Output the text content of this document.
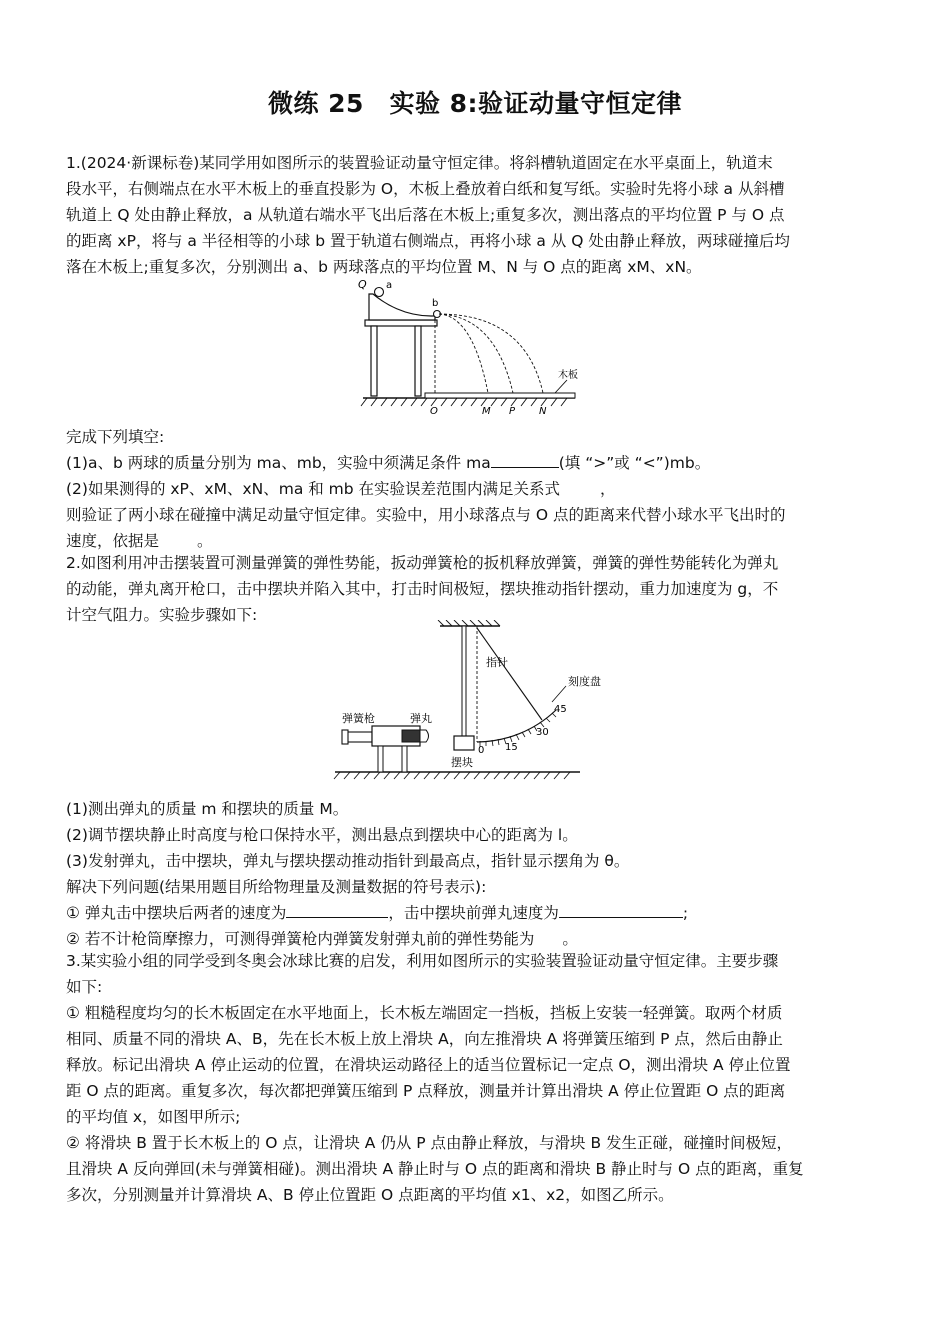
微练 25　实验 8:验证动量守恒定律
1.(2024·新课标卷)某同学用如图所示的装置验证动量守恒定律。将斜槽轨道固定在水平桌面上，轨道末
段水平，右侧端点在水平木板上的垂直投影为 O，木板上叠放着白纸和复写纸。实验时先将小球 a 从斜槽
轨道上 Q 处由静止释放，a 从轨道右端水平飞出后落在木板上;重复多次，测出落点的平均位置 P 与 O 点
的距离 xP，将与 a 半径相等的小球 b 置于轨道右侧端点，再将小球 a 从 Q 处由静止释放，两球碰撞后均
落在木板上;重复多次，分别测出 a、b 两球落点的平均位置 M、N 与 O 点的距离 xM、xN。
Q a
b
木板
O	M P N
完成下列填空:
(1)a、b 两球的质量分别为 ma、mb，实验中须满足条件 ma	(填 “>”或 “<”)mb。
(2)如果测得的 xP、xM、xN、ma 和 mb 在实验误差范围内满足关系式	，
则验证了两小球在碰撞中满足动量守恒定律。实验中，用小球落点与 O 点的距离来代替小球水平飞出时的
速度，依据是 。
2.如图利用冲击摆装置可测量弹簧的弹性势能，扳动弹簧枪的扳机释放弹簧，弹簧的弹性势能转化为弹丸
的动能，弹丸离开枪口，击中摆块并陷入其中，打击时间极短，摆块推动指针摆动，重力加速度为 g，不
计空气阻力。实验步骤如下:
指针
刻度盘
弹簧枪	弹丸
摆块
0 15
30
45
(1)测出弹丸的质量 m 和摆块的质量 M。
(2)调节摆块静止时高度与枪口保持水平，测出悬点到摆块中心的距离为 l。
(3)发射弹丸，击中摆块，弹丸与摆块摆动推动指针到最高点，指针显示摆角为 θ。
解决下列问题(结果用题目所给物理量及测量数据的符号表示):
① 弹丸击中摆块后两者的速度为	，击中摆块前弹丸速度为	;
② 若不计枪筒摩擦力，可测得弹簧枪内弹簧发射弹丸前的弹性势能为 。
3.某实验小组的同学受到冬奥会冰球比赛的启发，利用如图所示的实验装置验证动量守恒定律。主要步骤
如下:
① 粗糙程度均匀的长木板固定在水平地面上，长木板左端固定一挡板，挡板上安装一轻弹簧。取两个材质
相同、质量不同的滑块 A、B，先在长木板上放上滑块 A，向左推滑块 A 将弹簧压缩到 P 点，然后由静止
释放。标记出滑块 A 停止运动的位置，在滑块运动路径上的适当位置标记一定点 O，测出滑块 A 停止位置
距 O 点的距离。重复多次，每次都把弹簧压缩到 P 点释放，测量并计算出滑块 A 停止位置距 O 点的距离
的平均值 x，如图甲所示;
② 将滑块 B 置于长木板上的 O 点，让滑块 A 仍从 P 点由静止释放，与滑块 B 发生正碰，碰撞时间极短，
且滑块 A 反向弹回(未与弹簧相碰)。测出滑块 A 静止时与 O 点的距离和滑块 B 静止时与 O 点的距离，重复
多次，分别测量并计算滑块 A、B 停止位置距 O 点距离的平均值 x1、x2，如图乙所示。
